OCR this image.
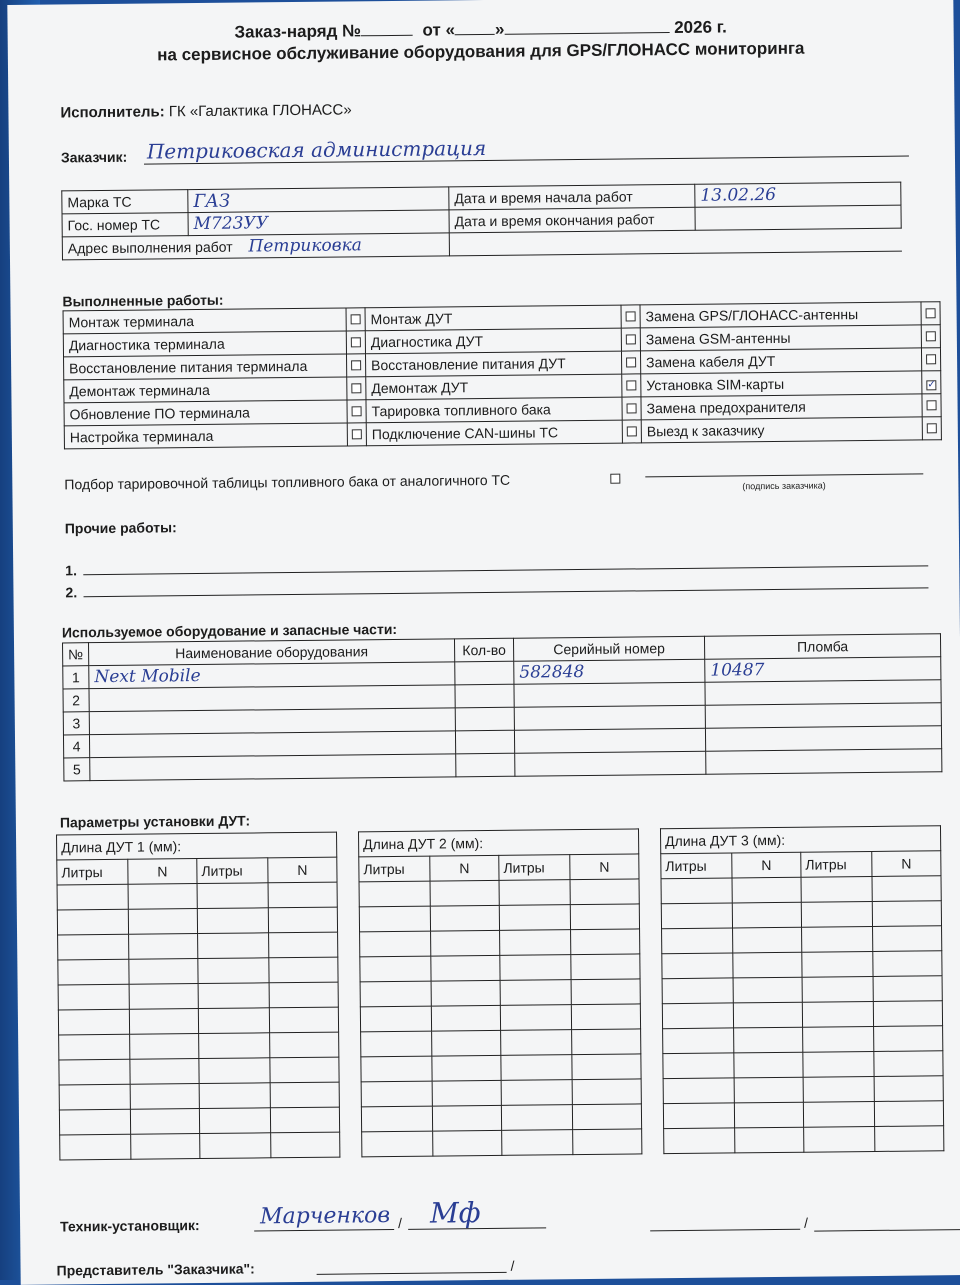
Заказ-наряд №	от « »	2026 г.
на сервисное обслуживание оборудования для GPS/ГЛОНАСС мониторинга
Исполнитель: ГК «Галактика ГЛОНАСС»
Заказчик: Петриковская администрация
Марка ТС	ГАЗ	Дата и время начала работ	13.02.26
Гос. номер ТС	М723УУ	Дата и время окончания работ	
Адрес выполнения работ Петриковка			
Выполненные работы:
Монтаж терминала		Монтаж ДУТ		Замена GPS/ГЛОНАСС-антенны	
Диагностика терминала		Диагностика ДУТ		Замена GSM-антенны	
Восстановление питания терминала		Восстановление питания ДУТ		Замена кабеля ДУТ	
Демонтаж терминала		Демонтаж ДУТ		Установка SIM-карты	✓
Обновление ПО терминала		Тарировка топливного бака		Замена предохранителя	
Настройка терминала		Подключение CAN-шины ТС		Выезд к заказчику	
Подбор тарировочной таблицы топливного бака от аналогичного ТС	(подпись заказчика)
Прочие работы:
1.
2.
Используемое оборудование и запасные части:
№	Наименование оборудования	Кол-во	Серийный номер	Пломба
1	Next Mobile		582848	10487
2				
3				
4				
5				
Параметры установки ДУТ:
Длина ДУТ 1 (мм):			
Литры	N	Литры	N

Длина ДУТ 2 (мм):			
Литры	N	Литры	N

Длина ДУТ 3 (мм):			
Литры	N	Литры	N

Техник-установщик:	Марченков / Мф	/
Представитель "Заказчика":	/
